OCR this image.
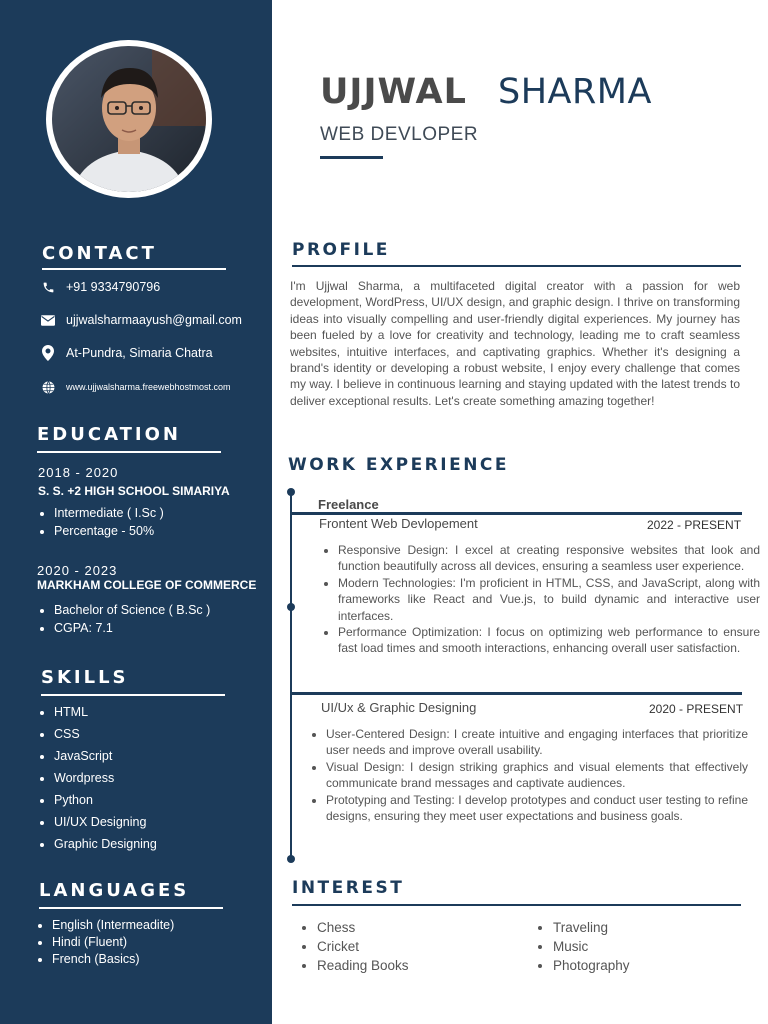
CONTACT
+91 9334790796
ujjwalsharmaayush@gmail.com
At-Pundra, Simaria Chatra
www.ujjwalsharma.freewebhostmost.com
EDUCATION
2018 - 2020
S. S. +2 HIGH SCHOOL SIMARIYA
• Intermediate ( I.Sc )
• Percentage - 50%
2020 - 2023
MARKHAM COLLEGE OF COMMERCE
• Bachelor of Science ( B.Sc )
• CGPA: 7.1
SKILLS
• HTML
• CSS
• JavaScript
• Wordpress
• Python
• UI/UX Designing
• Graphic Designing
LANGUAGES
• English (Intermeadite)
• Hindi (Fluent)
• French (Basics)
UJJWAL SHARMA
WEB DEVLOPER
PROFILE

I'm Ujjwal Sharma, a multifaceted digital creator with a passion for web development, WordPress, UI/UX design, and graphic design. I thrive on transforming ideas into visually compelling and user-friendly digital experiences. My journey has been fueled by a love for creativity and technology, leading me to craft seamless websites, intuitive interfaces, and captivating graphics. Whether it's designing a brand's identity or developing a robust website, I enjoy every challenge that comes my way. I believe in continuous learning and staying updated with the latest trends to deliver exceptional results. Let's create something amazing together!

WORK EXPERIENCE
Freelance
Frontent Web Devlopement	2022 - PRESENT
• Responsive Design: I excel at creating responsive websites that look and function beautifully across all devices, ensuring a seamless user experience.
• Modern Technologies: I'm proficient in HTML, CSS, and JavaScript, along with frameworks like React and Vue.js, to build dynamic and interactive user interfaces.
• Performance Optimization: I focus on optimizing web performance to ensure fast load times and smooth interactions, enhancing overall user satisfaction.
UI/Ux & Graphic Designing	2020 - PRESENT
• User-Centered Design: I create intuitive and engaging interfaces that prioritize user needs and improve overall usability.
• Visual Design: I design striking graphics and visual elements that effectively communicate brand messages and captivate audiences.
• Prototyping and Testing: I develop prototypes and conduct user testing to refine designs, ensuring they meet user expectations and business goals.
INTEREST
• Chess
• Cricket
• Reading Books
• Traveling
• Music
• Photography
